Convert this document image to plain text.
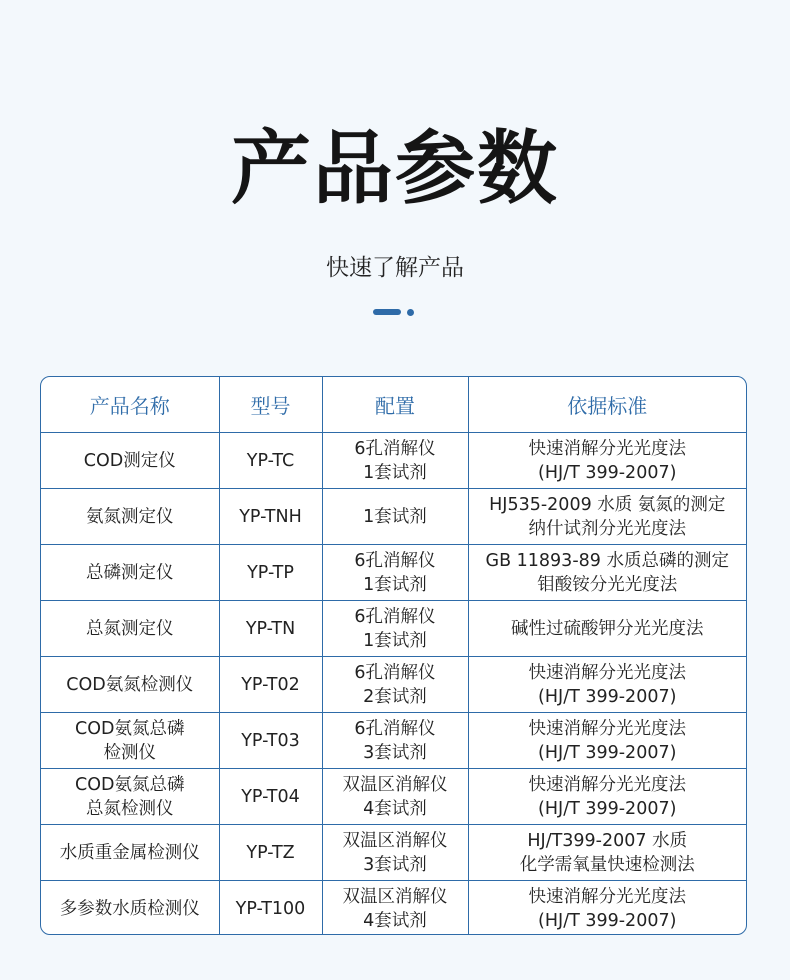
产品参数
快速了解产品
产品名称	型号	配置	依据标准

COD测定仪	YP-TC	6孔消解仪
1套试剂	快速消解分光光度法
(HJ/T 399-2007)

氨氮测定仪	YP-TNH	1套试剂	HJ535-2009 水质 氨氮的测定
纳什试剂分光光度法

总磷测定仪	YP-TP	6孔消解仪
1套试剂	GB 11893-89 水质总磷的测定
钼酸铵分光光度法

总氮测定仪	YP-TN	6孔消解仪
1套试剂	碱性过硫酸钾分光光度法

COD氨氮检测仪	YP-T02	6孔消解仪
2套试剂	快速消解分光光度法
(HJ/T 399-2007)

COD氨氮总磷
检测仪	YP-T03	6孔消解仪
3套试剂	快速消解分光光度法
(HJ/T 399-2007)

COD氨氮总磷
总氮检测仪	YP-T04	双温区消解仪
4套试剂	快速消解分光光度法
(HJ/T 399-2007)

水质重金属检测仪	YP-TZ	双温区消解仪
3套试剂	HJ/T399-2007 水质
化学需氧量快速检测法

多参数水质检测仪	YP-T100	双温区消解仪
4套试剂	快速消解分光光度法
(HJ/T 399-2007)
